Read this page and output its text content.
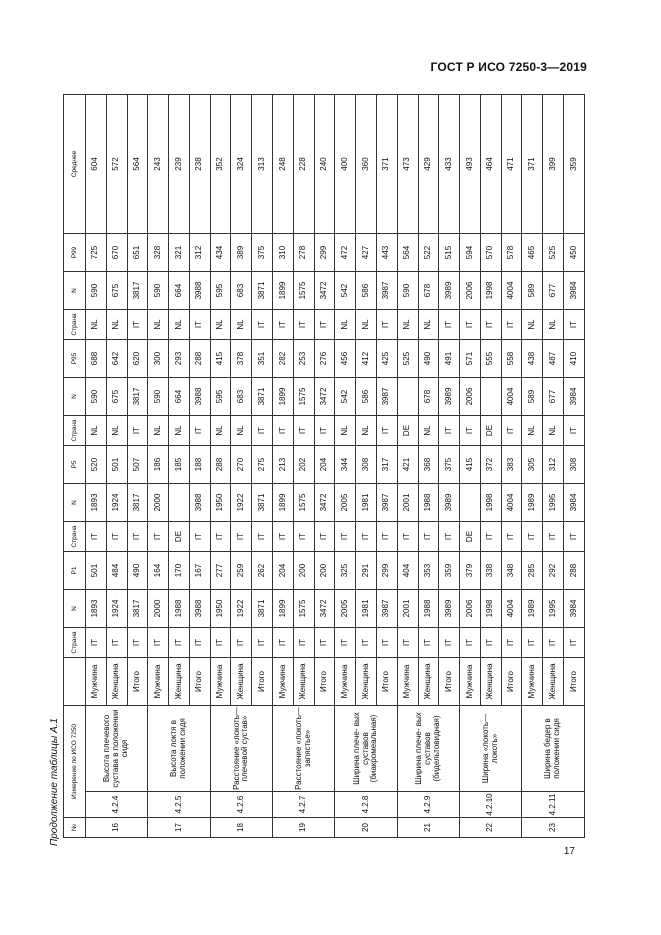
ГОСТ Р ИСО 7250-3—2019
Продолжение таблицы А.1 №	Измерение по ИСО 7250			Страна	N	P1	Страна	N	P5	Страна	N	P95	Страна	N	P99	Среднее
16	4.2.4	Высота плечевого сустава в положении сидя	Мужчина	IT	1893	501	IT	1893	520	NL	590	688	NL	590	725	604
			Женщина	IT	1924	484	IT	1924	501	NL	675	642	NL	675	670	572
			Итого	IT	3817	490	IT	3817	507	IT	3817	620	IT	3817	651	564
17	4.2.5	Высота локтя в положении сидя	Мужчина	IT	2000	164	IT	2000	186	NL	590	300	NL	590	328	243
			Женщина	IT	1988	170	DE		185	NL	664	293	NL	664	321	239
			Итого	IT	3988	167	IT	3988	188	IT	3988	288	IT	3988	312	238
18	4.2.6	Расстояние «локоть— плечевой сустав»	Мужчина	IT	1950	277	IT	1950	288	NL	595	415	NL	595	434	352
			Женщина	IT	1922	259	IT	1922	270	NL	683	378	NL	683	389	324
			Итого	IT	3871	262	IT	3871	275	IT	3871	351	IT	3871	375	313
19	4.2.7	Расстояние «локоть— запястье»	Мужчина	IT	1899	204	IT	1899	213	IT	1899	282	IT	1899	310	248
			Женщина	IT	1575	200	IT	1575	202	IT	1575	253	IT	1575	278	228
			Итого	IT	3472	200	IT	3472	204	IT	3472	276	IT	3472	299	240
20	4.2.8	Ширина плече- вых суставов (биакромеальная)	Мужчина	IT	2005	325	IT	2005	344	NL	542	456	NL	542	472	400
			Женщина	IT	1981	291	IT	1981	308	NL	586	412	NL	586	427	360
			Итого	IT	3987	299	IT	3987	317	IT	3987	425	IT	3987	443	371
21	4.2.9	Ширина плече- вых суставов (бидельтовидная)	Мужчина	IT	2001	404	IT	2001	421	DE		525	NL	590	564	473
			Женщина	IT	1988	353	IT	1988	368	NL	678	490	NL	678	522	429
			Итого	IT	3989	359	IT	3989	375	IT	3989	491	IT	3989	515	433
22	4.2.10	Ширина «локоть—локоть»	Мужчина	IT	2006	379	DE		415	IT	2006	571	IT	2006	594	493
			Женщина	IT	1998	338	IT	1998	372	DE		555	IT	1998	570	464
			Итого	IT	4004	348	IT	4004	383	IT	4004	558	IT	4004	578	471
23	4.2.11	Ширина бедер в положении сидя	Мужчина	IT	1989	285	IT	1989	305	NL	589	438	NL	589	465	371
			Женщина	IT	1995	292	IT	1995	312	NL	677	487	NL	677	525	399
			Итого	IT	3984	288	IT	3984	308	IT	3984	410	IT	3984	450	359
17
